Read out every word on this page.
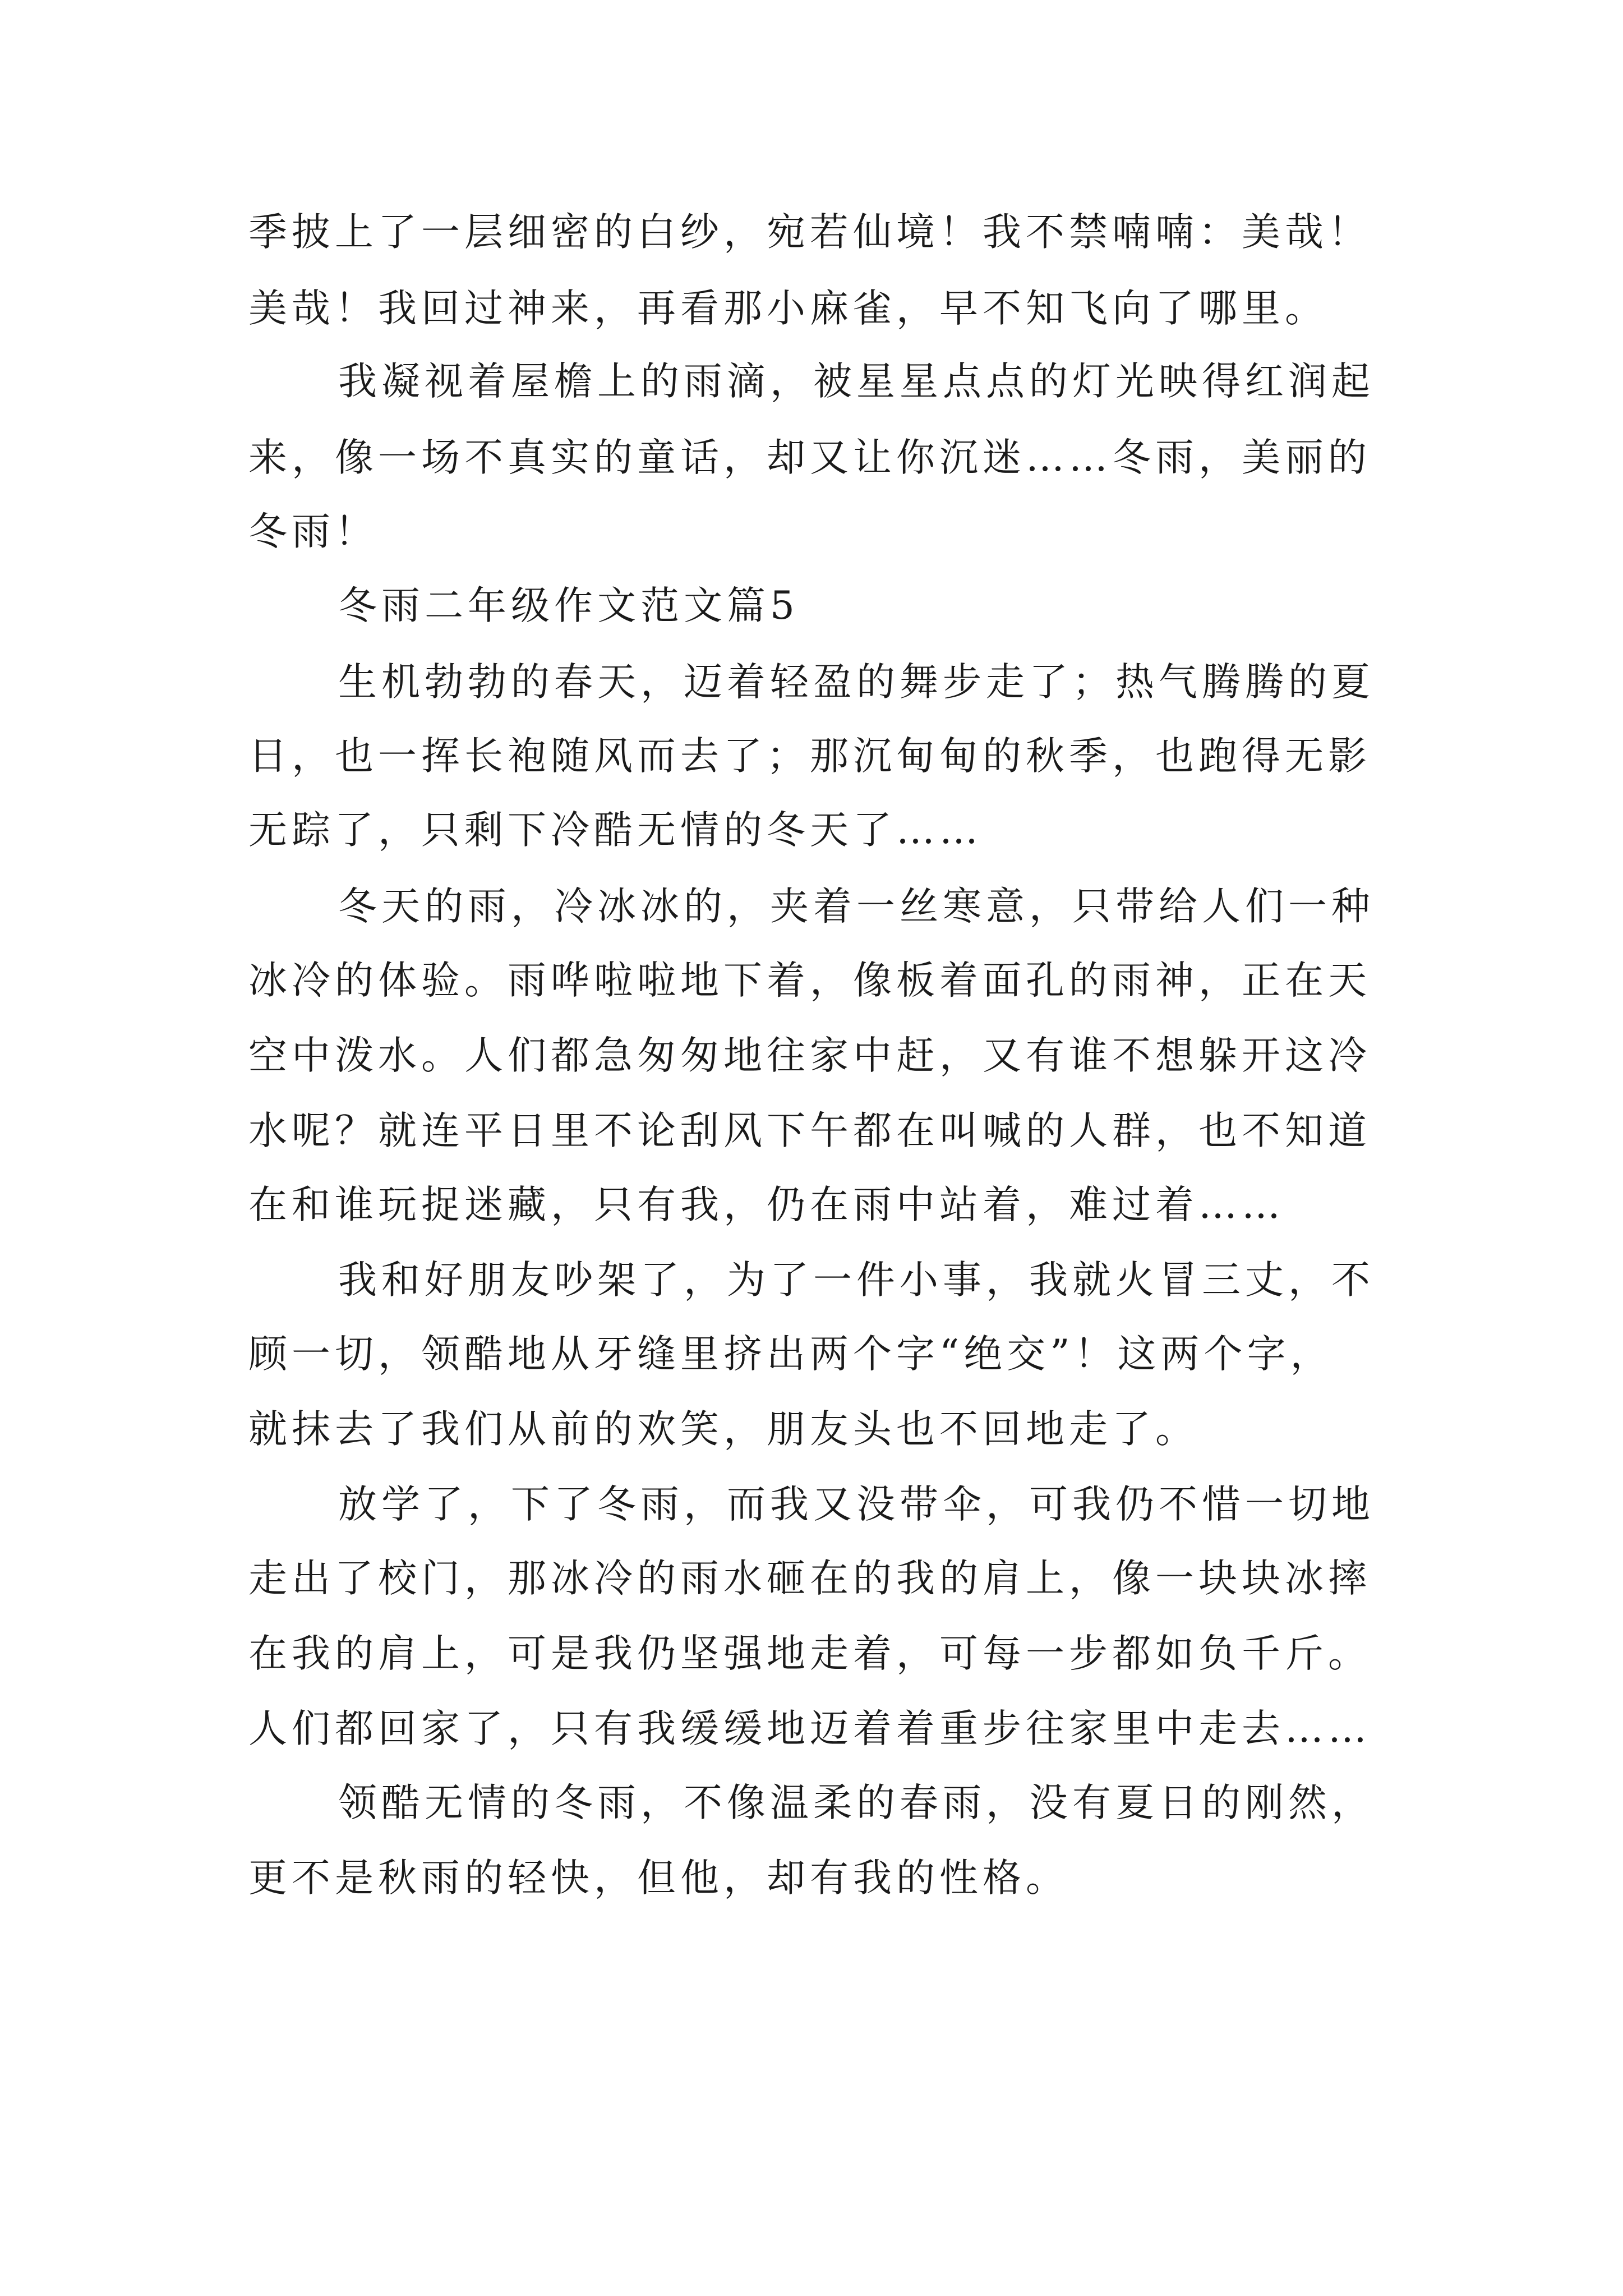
季披上了一层细密的白纱，宛若仙境！我不禁喃喃：美哉！

美哉！我回过神来，再看那小麻雀，早不知飞向了哪里。

我凝视着屋檐上的雨滴，被星星点点的灯光映得红润起

来，像一场不真实的童话，却又让你沉迷……冬雨，美丽的

冬雨！

冬雨二年级作文范文篇5

生机勃勃的春天，迈着轻盈的舞步走了；热气腾腾的夏

日，也一挥长袍随风而去了；那沉甸甸的秋季，也跑得无影

无踪了，只剩下冷酷无情的冬天了……

冬天的雨，冷冰冰的，夹着一丝寒意，只带给人们一种

冰冷的体验。雨哗啦啦地下着，像板着面孔的雨神，正在天

空中泼水。人们都急匆匆地往家中赶，又有谁不想躲开这冷

水呢？就连平日里不论刮风下午都在叫喊的人群，也不知道

在和谁玩捉迷藏，只有我，仍在雨中站着，难过着……

我和好朋友吵架了，为了一件小事，我就火冒三丈，不

顾一切，领酷地从牙缝里挤出两个字“绝交”！这两个字，

就抹去了我们从前的欢笑，朋友头也不回地走了。

放学了，下了冬雨，而我又没带伞，可我仍不惜一切地

走出了校门，那冰冷的雨水砸在的我的肩上，像一块块冰摔

在我的肩上，可是我仍坚强地走着，可每一步都如负千斤。

人们都回家了，只有我缓缓地迈着着重步往家里中走去……

领酷无情的冬雨，不像温柔的春雨，没有夏日的刚然，

更不是秋雨的轻快，但他，却有我的性格。
